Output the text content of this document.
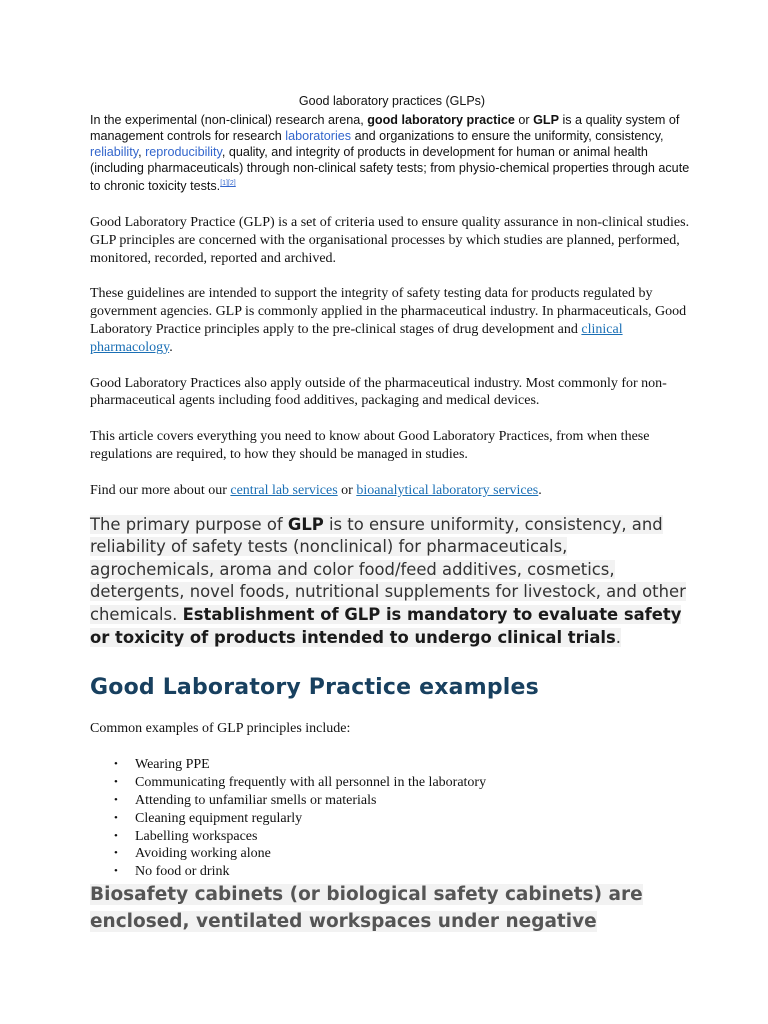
Good laboratory practices (GLPs)

In the experimental (non-clinical) research arena, good laboratory practice or GLP is a quality system of management controls for research laboratories and organizations to ensure the uniformity, consistency, reliability, reproducibility, quality, and integrity of products in development for human or animal health (including pharmaceuticals) through non-clinical safety tests; from physio-chemical properties through acute to chronic toxicity tests.[1][2]

Good Laboratory Practice (GLP) is a set of criteria used to ensure quality assurance in non-clinical studies. GLP principles are concerned with the organisational processes by which studies are planned, performed, monitored, recorded, reported and archived.

These guidelines are intended to support the integrity of safety testing data for products regulated by government agencies. GLP is commonly applied in the pharmaceutical industry. In pharmaceuticals, Good Laboratory Practice principles apply to the pre-clinical stages of drug development and clinical pharmacology.

Good Laboratory Practices also apply outside of the pharmaceutical industry. Most commonly for non-pharmaceutical agents including food additives, packaging and medical devices.

This article covers everything you need to know about Good Laboratory Practices, from when these regulations are required, to how they should be managed in studies.

Find our more about our central lab services or bioanalytical laboratory services.

The primary purpose of GLP is to ensure uniformity, consistency, and reliability of safety tests (nonclinical) for pharmaceuticals, agrochemicals, aroma and color food/feed additives, cosmetics, detergents, novel foods, nutritional supplements for livestock, and other chemicals. Establishment of GLP is mandatory to evaluate safety or toxicity of products intended to undergo clinical trials.

Good Laboratory Practice examples

Common examples of GLP principles include:

• Wearing PPE
• Communicating frequently with all personnel in the laboratory
• Attending to unfamiliar smells or materials
• Cleaning equipment regularly
• Labelling workspaces
• Avoiding working alone
• No food or drink
Biosafety cabinets (or biological safety cabinets) are
enclosed, ventilated workspaces under negative
